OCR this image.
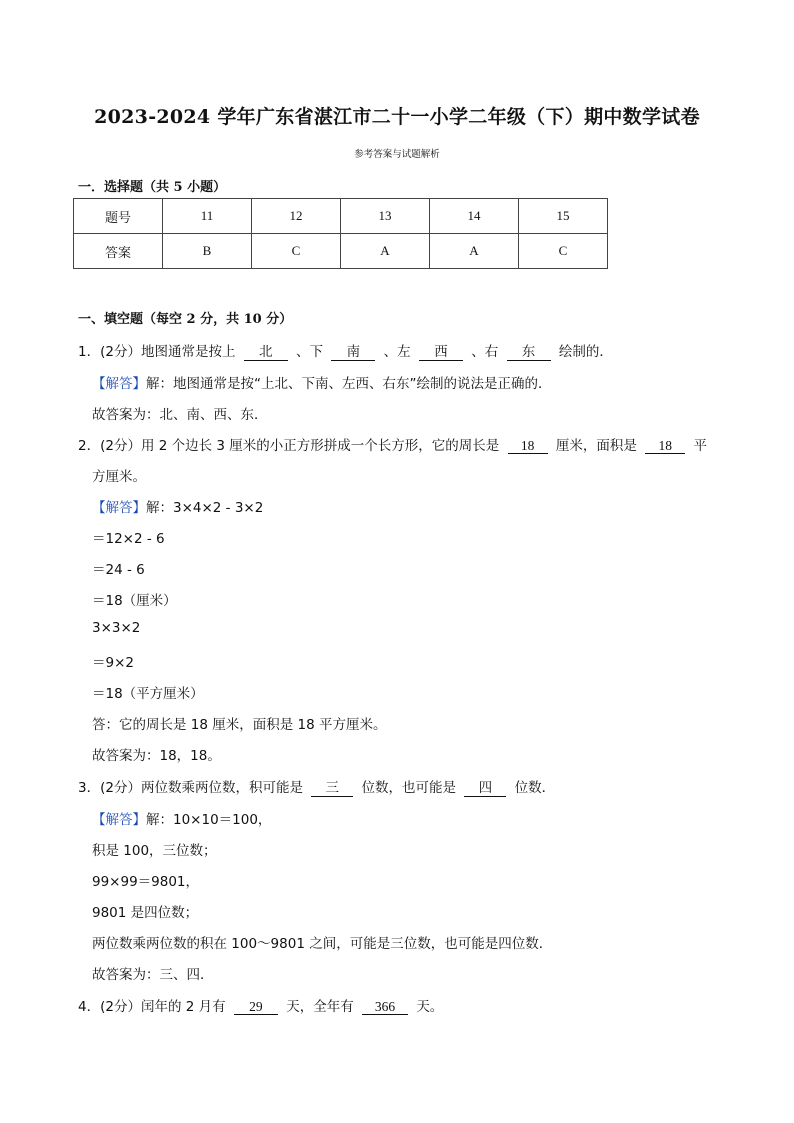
2023-2024 学年广东省湛江市二十一小学二年级（下）期中数学试卷
参考答案与试题解析
一．选择题（共 5 小题）
题号	11	12	13	14	15
答案	B	C	A	A	C
一、填空题（每空 2 分，共 10 分）
1．(2分）地图通常是按上 北 、下 南 、左 西 、右 东 绘制的．
【解答】解：地图通常是按“上北、下南、左西、右东”绘制的说法是正确的．
故答案为：北、南、西、东．
2．(2分）用 2 个边长 3 厘米的小正方形拼成一个长方形，它的周长是 18 厘米，面积是 18 平
方厘米。
【解答】解：3×4×2 - 3×2
＝12×2 - 6
＝24 - 6
＝18（厘米）
3×3×2
＝9×2
＝18（平方厘米）
答：它的周长是 18 厘米，面积是 18 平方厘米。
故答案为：18，18。
3．(2分）两位数乘两位数，积可能是 三 位数，也可能是 四 位数．
【解答】解：10×10＝100，
积是 100，三位数；
99×99＝9801，
9801 是四位数；
两位数乘两位数的积在 100～9801 之间，可能是三位数，也可能是四位数．
故答案为：三、四．
4．(2分）闰年的 2 月有 29 天，全年有 366 天。
